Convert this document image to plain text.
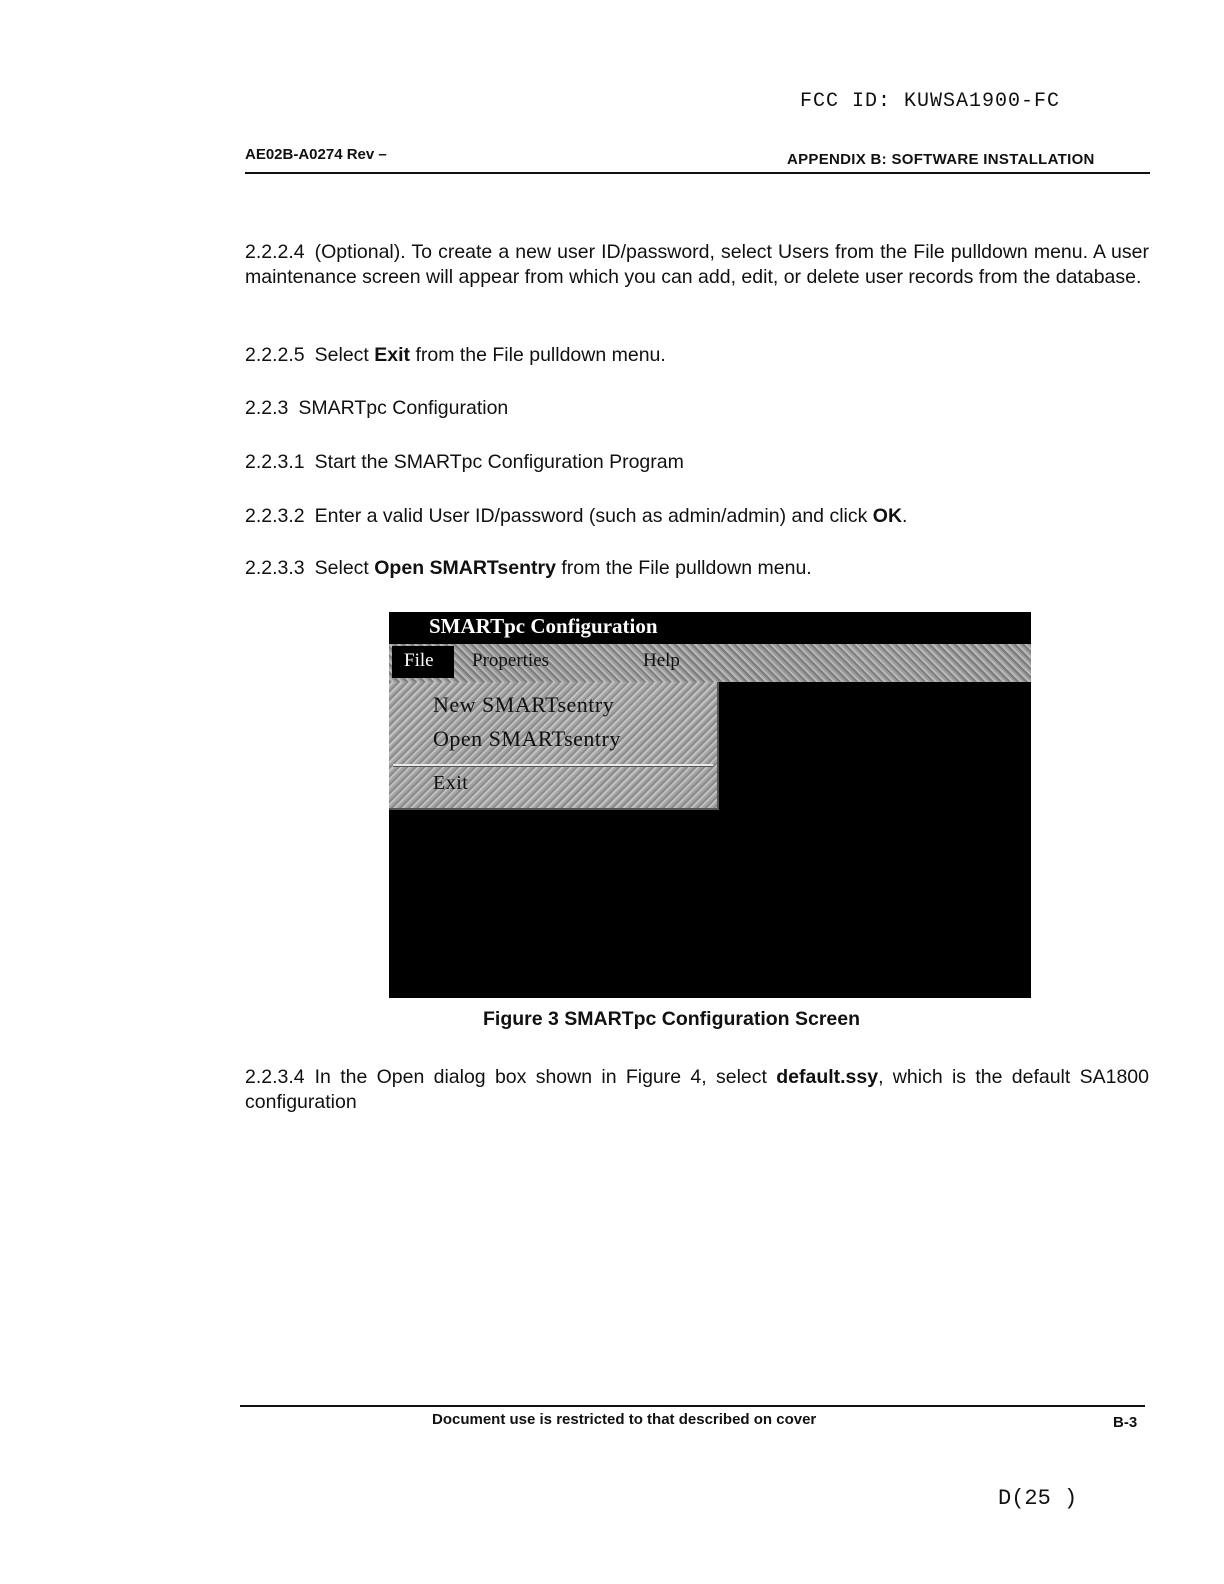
FCC ID: KUWSA1900-FC
AE02B-A0274 Rev –	APPENDIX B: SOFTWARE INSTALLATION
2.2.2.4 (Optional). To create a new user ID/password, select Users from the File pulldown menu. A user maintenance screen will appear from which you can add, edit, or delete user records from the database.
2.2.2.5 Select Exit from the File pulldown menu.
2.2.3 SMARTpc Configuration
2.2.3.1 Start the SMARTpc Configuration Program
2.2.3.2 Enter a valid User ID/password (such as admin/admin) and click OK.
2.2.3.3 Select Open SMARTsentry from the File pulldown menu.
SMARTpc Configuration
File Properties	Help
New SMARTsentry
Open SMARTsentry
Exit
Figure 3 SMARTpc Configuration Screen
2.2.3.4 In the Open dialog box shown in Figure 4, select default.ssy, which is the default SA1800 configuration
Document use is restricted to that described on cover	B-3
D(25 )
